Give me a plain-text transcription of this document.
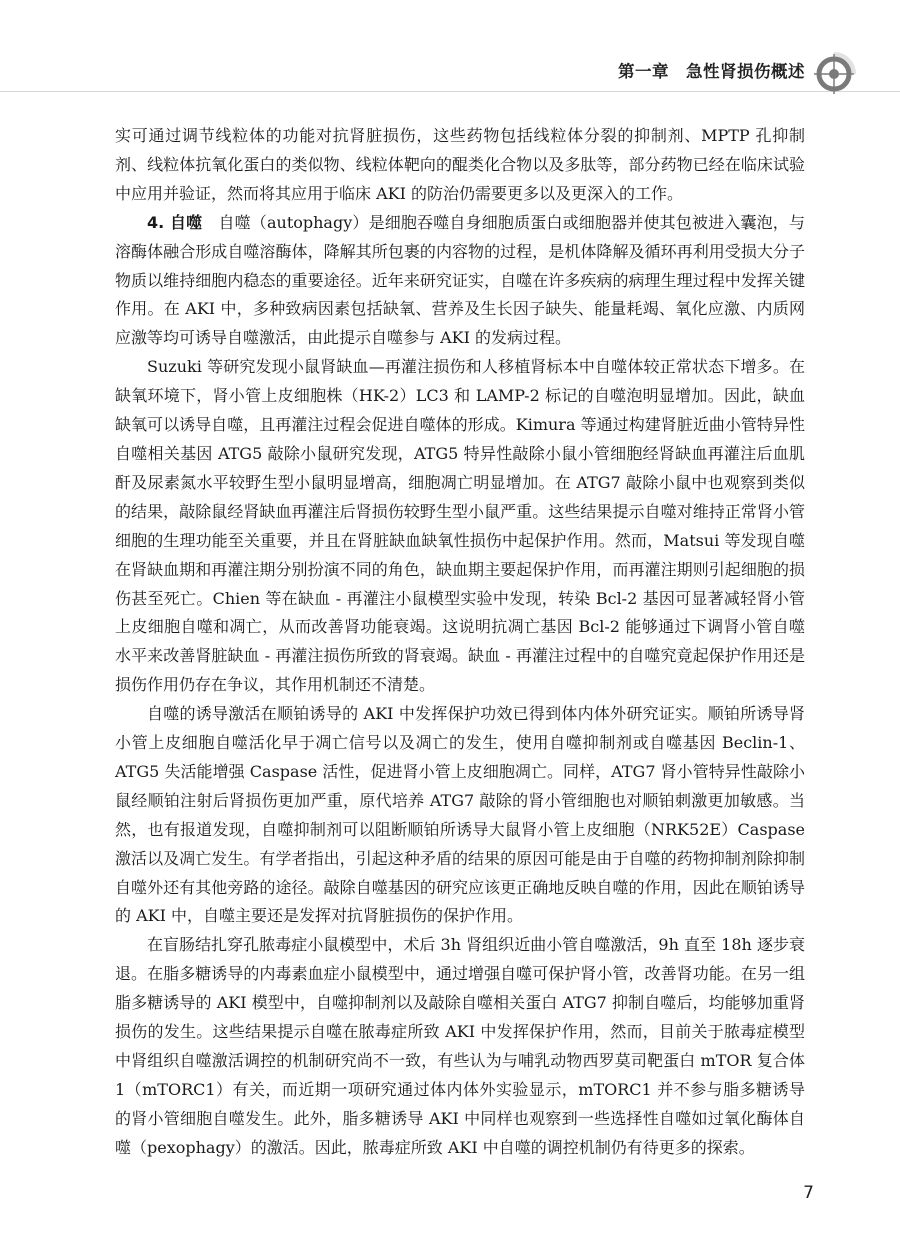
第一章　急性肾损伤概述

实可通过调节线粒体的功能对抗肾脏损伤，这些药物包括线粒体分裂的抑制剂、MPTP 孔抑制剂、线粒体抗氧化蛋白的类似物、线粒体靶向的醌类化合物以及多肽等，部分药物已经在临床试验中应用并验证，然而将其应用于临床 AKI 的防治仍需要更多以及更深入的工作。

4. 自噬　 自噬（autophagy）是细胞吞噬自身细胞质蛋白或细胞器并使其包被进入囊泡，与溶酶体融合形成自噬溶酶体，降解其所包裹的内容物的过程，是机体降解及循环再利用受损大分子物质以维持细胞内稳态的重要途径。近年来研究证实，自噬在许多疾病的病理生理过程中发挥关键作用。在 AKI 中，多种致病因素包括缺氧、营养及生长因子缺失、能量耗竭、氧化应激、内质网应激等均可诱导自噬激活，由此提示自噬参与 AKI 的发病过程。

Suzuki 等研究发现小鼠肾缺血—再灌注损伤和人移植肾标本中自噬体较正常状态下增多。在缺氧环境下，肾小管上皮细胞株（HK-2）LC3 和 LAMP-2 标记的自噬泡明显增加。因此，缺血缺氧可以诱导自噬，且再灌注过程会促进自噬体的形成。Kimura 等通过构建肾脏近曲小管特异性自噬相关基因 ATG5 敲除小鼠研究发现，ATG5 特异性敲除小鼠小管细胞经肾缺血再灌注后血肌酐及尿素氮水平较野生型小鼠明显增高，细胞凋亡明显增加。在 ATG7 敲除小鼠中也观察到类似的结果，敲除鼠经肾缺血再灌注后肾损伤较野生型小鼠严重。这些结果提示自噬对维持正常肾小管细胞的生理功能至关重要，并且在肾脏缺血缺氧性损伤中起保护作用。然而，Matsui 等发现自噬在肾缺血期和再灌注期分别扮演不同的角色，缺血期主要起保护作用，而再灌注期则引起细胞的损伤甚至死亡。Chien 等在缺血 - 再灌注小鼠模型实验中发现，转染 Bcl-2 基因可显著减轻肾小管上皮细胞自噬和凋亡，从而改善肾功能衰竭。这说明抗凋亡基因 Bcl-2 能够通过下调肾小管自噬水平来改善肾脏缺血 - 再灌注损伤所致的肾衰竭。缺血 - 再灌注过程中的自噬究竟起保护作用还是损伤作用仍存在争议，其作用机制还不清楚。

自噬的诱导激活在顺铂诱导的 AKI 中发挥保护功效已得到体内体外研究证实。顺铂所诱导肾小管上皮细胞自噬活化早于凋亡信号以及凋亡的发生，使用自噬抑制剂或自噬基因 Beclin-1、ATG5 失活能增强 Caspase 活性，促进肾小管上皮细胞凋亡。同样，ATG7 肾小管特异性敲除小鼠经顺铂注射后肾损伤更加严重，原代培养 ATG7 敲除的肾小管细胞也对顺铂刺激更加敏感。当然，也有报道发现，自噬抑制剂可以阻断顺铂所诱导大鼠肾小管上皮细胞（NRK52E）Caspase 激活以及凋亡发生。有学者指出，引起这种矛盾的结果的原因可能是由于自噬的药物抑制剂除抑制自噬外还有其他旁路的途径。敲除自噬基因的研究应该更正确地反映自噬的作用，因此在顺铂诱导的 AKI 中，自噬主要还是发挥对抗肾脏损伤的保护作用。

在盲肠结扎穿孔脓毒症小鼠模型中，术后 3h 肾组织近曲小管自噬激活，9h 直至 18h 逐步衰退。在脂多糖诱导的内毒素血症小鼠模型中，通过增强自噬可保护肾小管，改善肾功能。在另一组脂多糖诱导的 AKI 模型中，自噬抑制剂以及敲除自噬相关蛋白 ATG7 抑制自噬后，均能够加重肾损伤的发生。这些结果提示自噬在脓毒症所致 AKI 中发挥保护作用，然而，目前关于脓毒症模型中肾组织自噬激活调控的机制研究尚不一致，有些认为与哺乳动物西罗莫司靶蛋白 mTOR 复合体 1（mTORC1）有关，而近期一项研究通过体内体外实验显示，mTORC1 并不参与脂多糖诱导的肾小管细胞自噬发生。此外，脂多糖诱导 AKI 中同样也观察到一些选择性自噬如过氧化酶体自噬（pexophagy）的激活。因此，脓毒症所致 AKI 中自噬的调控机制仍有待更多的探索。

7
